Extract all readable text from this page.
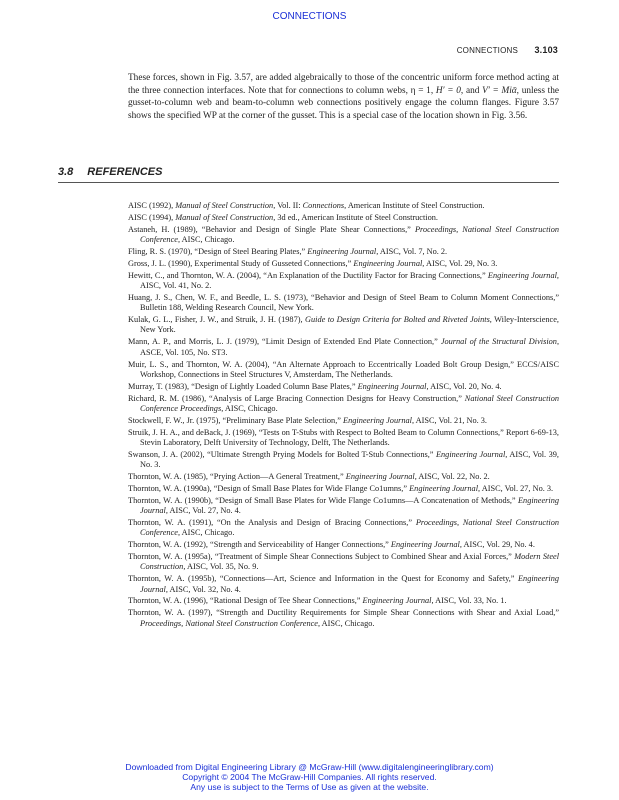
CONNECTIONS
CONNECTIONS 3.103
These forces, shown in Fig. 3.57, are added algebraically to those of the concentric uniform force method acting at the three connection interfaces. Note that for connections to column webs, η = 1, H′ = 0, and V′ = Miᾱ, unless the gusset-to-column web and beam-to-column web connections positively engage the column flanges. Figure 3.57 shows the specified WP at the corner of the gusset. This is a special case of the location shown in Fig. 3.56.
3.8 REFERENCES
AISC (1992), Manual of Steel Construction, Vol. II: Connections, American Institute of Steel Construction.
AISC (1994), Manual of Steel Construction, 3d ed., American Institute of Steel Construction.
Astaneh, H. (1989), “Behavior and Design of Single Plate Shear Connections,” Proceedings, National Steel Construction Conference, AISC, Chicago.
Fling, R. S. (1970), “Design of Steel Bearing Plates,” Engineering Journal, AISC, Vol. 7, No. 2.
Gross, J. L. (1990), Experimental Study of Gusseted Connections,” Engineering Journal, AISC, Vol. 29, No. 3.
Hewitt, C., and Thornton, W. A. (2004), “An Explanation of the Ductility Factor for Bracing Connections,” Engineering Journal, AISC, Vol. 41, No. 2.
Huang, J. S., Chen, W. F., and Beedle, L. S. (1973), “Behavior and Design of Steel Beam to Column Moment Connections,” Bulletin 188, Welding Research Council, New York.
Kulak, G. L., Fisher, J. W., and Struik, J. H. (1987), Guide to Design Criteria for Bolted and Riveted Joints, Wiley-Interscience, New York.
Mann, A. P., and Morris, L. J. (1979), “Limit Design of Extended End Plate Connection,” Journal of the Structural Division, ASCE, Vol. 105, No. ST3.
Muir, L. S., and Thornton, W. A. (2004), “An Alternate Approach to Eccentrically Loaded Bolt Group Design,” ECCS/AISC Workshop, Connections in Steel Structures V, Amsterdam, The Netherlands.
Murray, T. (1983), “Design of Lightly Loaded Column Base Plates,” Engineering Journal, AISC, Vol. 20, No. 4.
Richard, R. M. (1986), “Analysis of Large Bracing Connection Designs for Heavy Construction,” National Steel Construction Conference Proceedings, AISC, Chicago.
Stockwell, F. W., Jr. (1975), “Preliminary Base Plate Selection,” Engineering Journal, AISC, Vol. 21, No. 3.
Struik, J. H. A., and deBack, J. (1969), “Tests on T-Stubs with Respect to Bolted Beam to Column Connections,” Report 6-69-13, Stevin Laboratory, Delft University of Technology, Delft, The Netherlands.
Swanson, J. A. (2002), “Ultimate Strength Prying Models for Bolted T-Stub Connections,” Engineering Journal, AISC, Vol. 39, No. 3.
Thornton, W. A. (1985), “Prying Action—A General Treatment,” Engineering Journal, AISC, Vol. 22, No. 2.
Thornton, W. A. (1990a), “Design of Small Base Plates for Wide Flange Co1umns,” Engineering Journal, AISC, Vol. 27, No. 3.
Thornton, W. A. (1990b), “Design of Small Base Plates for Wide Flange Co1umns—A Concatenation of Methods,” Engineering Journal, AISC, Vol. 27, No. 4.
Thornton, W. A. (1991), “On the Analysis and Design of Bracing Connections,” Proceedings, National Steel Construction Conference, AISC, Chicago.
Thornton, W. A. (1992), “Strength and Serviceability of Hanger Connections,” Engineering Journal, AISC, Vol. 29, No. 4.
Thornton, W. A. (1995a), “Treatment of Simple Shear Connections Subject to Combined Shear and Axial Forces,” Modern Steel Construction, AISC, Vol. 35, No. 9.
Thornton, W. A. (1995b), “Connections—Art, Science and Information in the Quest for Economy and Safety,” Engineering Journal, AISC, Vol. 32, No. 4.
Thornton, W. A. (1996), “Rational Design of Tee Shear Connections,” Engineering Journal, AISC, Vol. 33, No. 1.
Thornton, W. A. (1997), “Strength and Ductility Requirements for Simple Shear Connections with Shear and Axial Load,” Proceedings, National Steel Construction Conference, AISC, Chicago.
Downloaded from Digital Engineering Library @ McGraw-Hill (www.digitalengineeringlibrary.com)
Copyright © 2004 The McGraw-Hill Companies. All rights reserved.
Any use is subject to the Terms of Use as given at the website.
